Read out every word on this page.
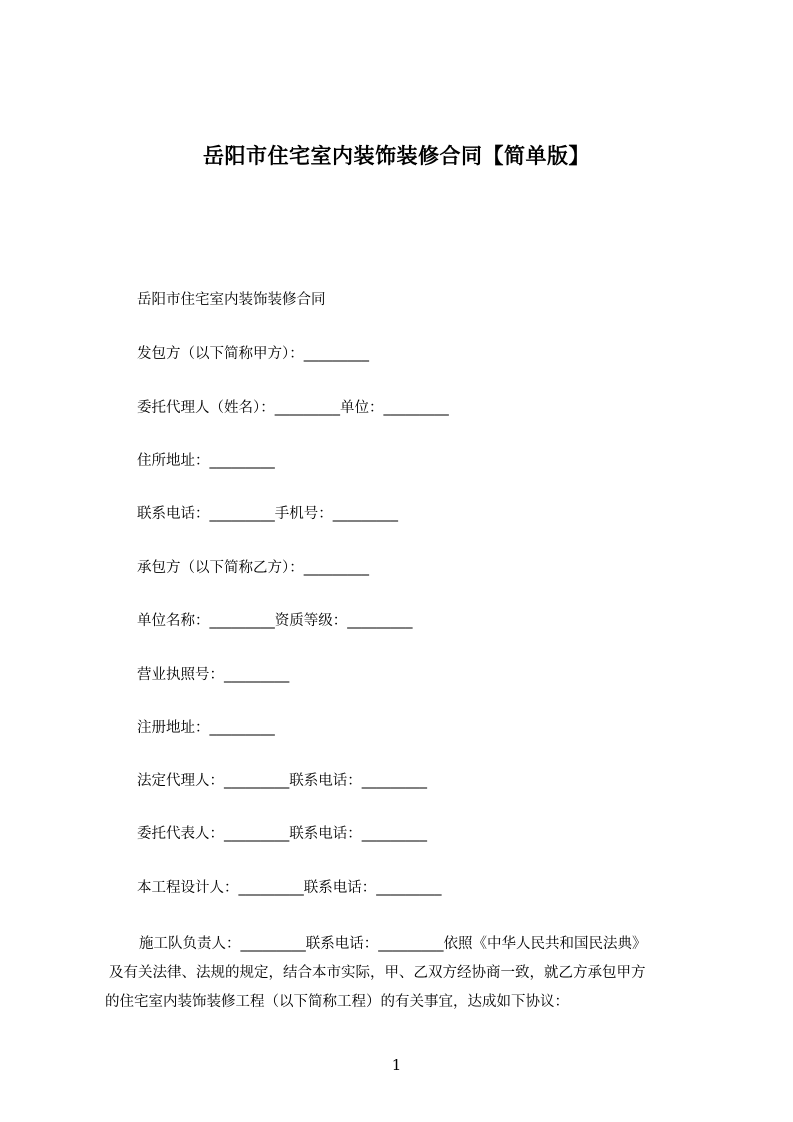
岳阳市住宅室内装饰装修合同【简单版】
岳阳市住宅室内装饰装修合同
发包方（以下简称甲方）：_________
委托代理人（姓名）：_________单位：_________
住所地址：_________
联系电话：_________手机号：_________
承包方（以下简称乙方）：_________
单位名称：_________资质等级：_________
营业执照号：_________
注册地址：_________
法定代理人：_________联系电话：_________
委托代表人：_________联系电话：_________
本工程设计人：_________联系电话：_________
施工队负责人：_________联系电话：_________依照《中华人民共和国民法典》
及有关法律、法规的规定，结合本市实际，甲、乙双方经协商一致，就乙方承包甲方
的住宅室内装饰装修工程（以下简称工程）的有关事宜，达成如下协议：
1
